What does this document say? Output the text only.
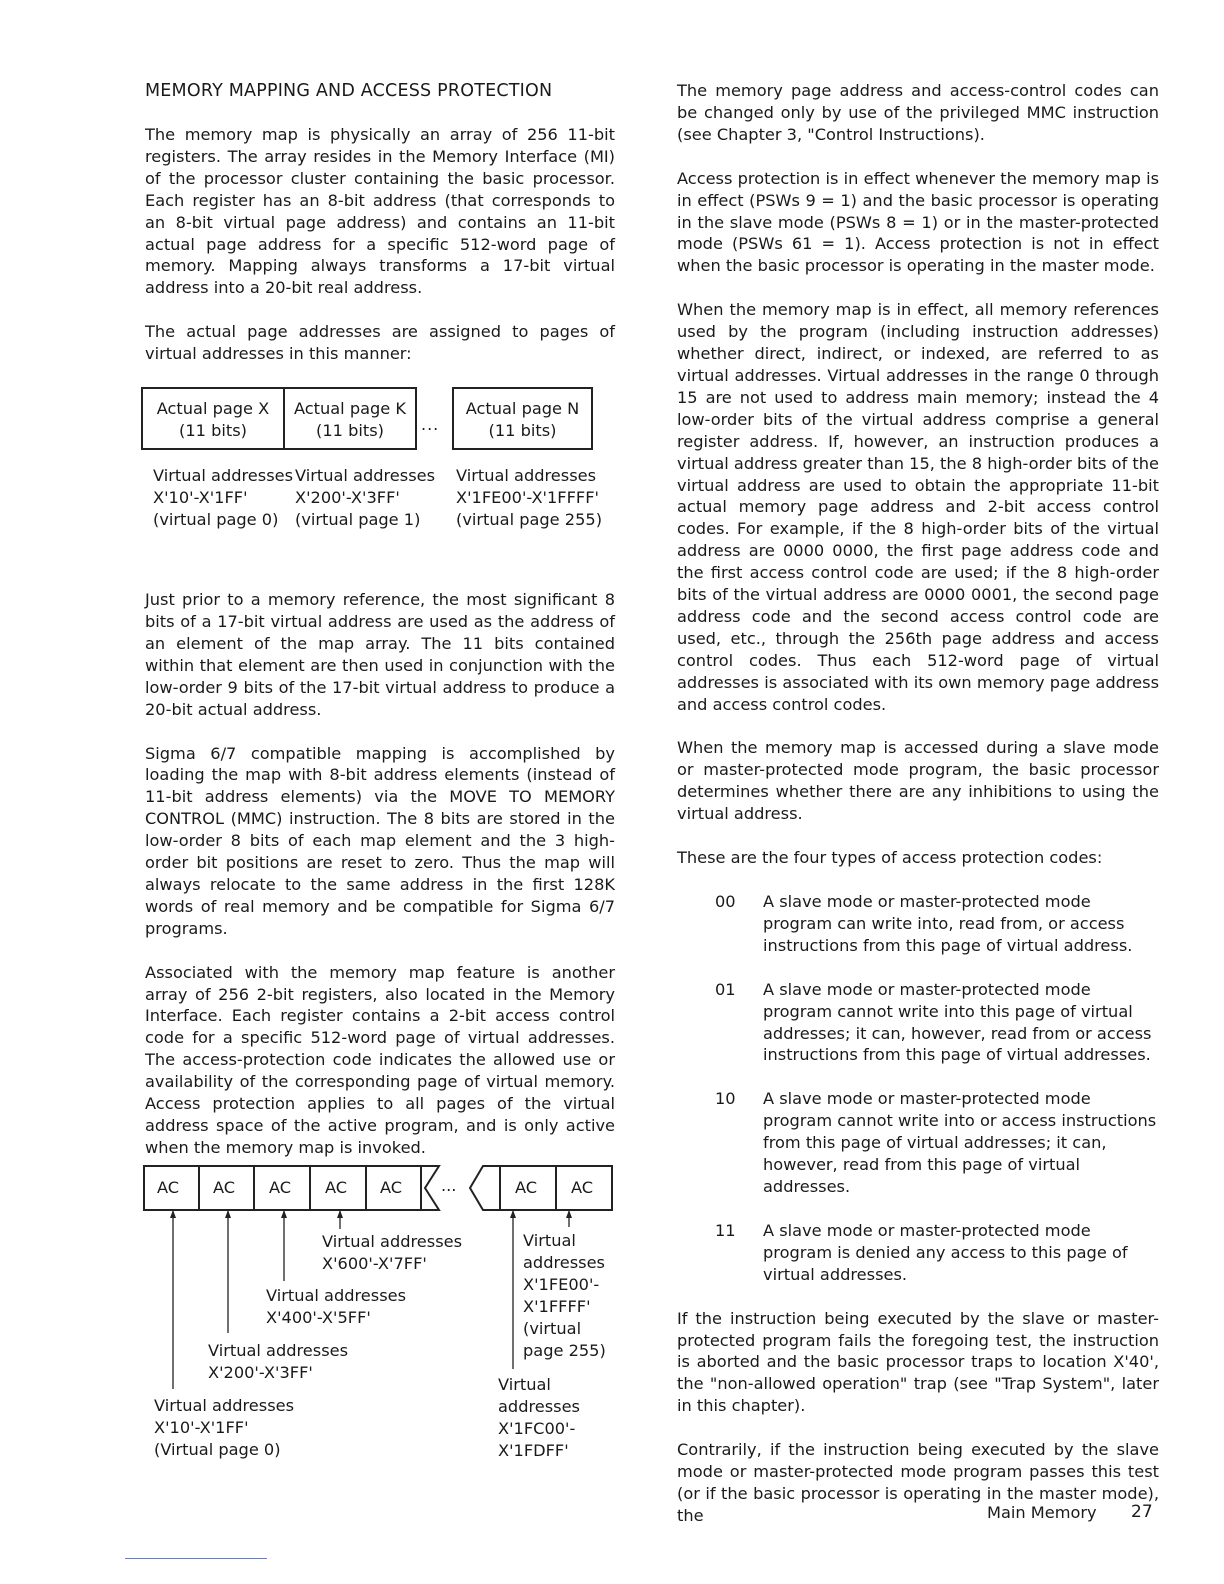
MEMORY MAPPING AND ACCESS PROTECTION

The memory map is physically an array of 256 11-bit registers. The array resides in the Memory Interface (MI) of the processor cluster containing the basic processor. Each register has an 8-bit address (that corresponds to an 8-bit virtual page address) and contains an 11-bit actual page address for a specific 512-word page of memory. Mapping always transforms a 17-bit virtual address into a 20-bit real address.

The actual page addresses are assigned to pages of virtual addresses in this manner:

Actual page X
(11 bits)
Actual page K
(11 bits)	...
Actual page N
(11 bits)
Virtual addresses
X'10'-X'1FF'
(virtual page 0)
Virtual addresses
X'200'-X'3FF'
(virtual page 1)
Virtual addresses
X'1FE00'-X'1FFFF'
(virtual page 255)

Just prior to a memory reference, the most significant 8 bits of a 17-bit virtual address are used as the address of an element of the map array. The 11 bits contained within that element are then used in conjunction with the low-order 9 bits of the 17-bit virtual address to produce a 20-bit actual address.

Sigma 6/7 compatible mapping is accomplished by loading the map with 8-bit address elements (instead of 11-bit address elements) via the MOVE TO MEMORY CONTROL (MMC) instruction. The 8 bits are stored in the low-order 8 bits of each map element and the 3 high-order bit positions are reset to zero. Thus the map will always relocate to the same address in the first 128K words of real memory and be compatible for Sigma 6/7 programs.

Associated with the memory map feature is another array of 256 2-bit registers, also located in the Memory Interface. Each register contains a 2-bit access control code for a specific 512-word page of virtual addresses. The access-protection code indicates the allowed use or availability of the corresponding page of virtual memory. Access protection applies to all pages of the virtual address space of the active program, and is only active when the memory map is invoked.

AC AC AC AC AC ...	AC AC
Virtual addresses
X'600'-X'7FF'
Virtual addresses
X'400'-X'5FF'
Virtual addresses
X'200'-X'3FF'
Virtual addresses
X'10'-X'1FF'
(Virtual page 0)
Virtual
addresses
X'1FE00'-
X'1FFFF'
(virtual
page 255)
Virtual
addresses
X'1FC00'-
X'1FDFF'

The memory page address and access-control codes can be changed only by use of the privileged MMC instruction (see Chapter 3, "Control Instructions).

Access protection is in effect whenever the memory map is in effect (PSWs 9 = 1) and the basic processor is operating in the slave mode (PSWs 8 = 1) or in the master-protected mode (PSWs 61 = 1). Access protection is not in effect when the basic processor is operating in the master mode.

When the memory map is in effect, all memory references used by the program (including instruction addresses) whether direct, indirect, or indexed, are referred to as virtual addresses. Virtual addresses in the range 0 through 15 are not used to address main memory; instead the 4 low-order bits of the virtual address comprise a general register address. If, however, an instruction produces a virtual address greater than 15, the 8 high-order bits of the virtual address are used to obtain the appropriate 11-bit actual memory page address and 2-bit access control codes. For example, if the 8 high-order bits of the virtual address are 0000 0000, the first page address code and the first access control code are used; if the 8 high-order bits of the virtual address are 0000 0001, the second page address code and the second access control code are used, etc., through the 256th page address and access control codes. Thus each 512-word page of virtual addresses is associated with its own memory page address and access control codes.

When the memory map is accessed during a slave mode or master-protected mode program, the basic processor determines whether there are any inhibitions to using the virtual address.

These are the four types of access protection codes:

00 A slave mode or master-protected mode program can write into, read from, or access instructions from this page of virtual address.
01 A slave mode or master-protected mode program cannot write into this page of virtual addresses; it can, however, read from or access instructions from this page of virtual addresses.
10 A slave mode or master-protected mode program cannot write into or access instructions from this page of virtual addresses; it can, however, read from this page of virtual addresses.
11 A slave mode or master-protected mode program is denied any access to this page of virtual addresses.

If the instruction being executed by the slave or master-protected program fails the foregoing test, the instruction is aborted and the basic processor traps to location X'40', the "non-allowed operation" trap (see "Trap System", later in this chapter).

Contrarily, if the instruction being executed by the slave mode or master-protected mode program passes this test (or if the basic processor is operating in the master mode), the	Main Memory 27
